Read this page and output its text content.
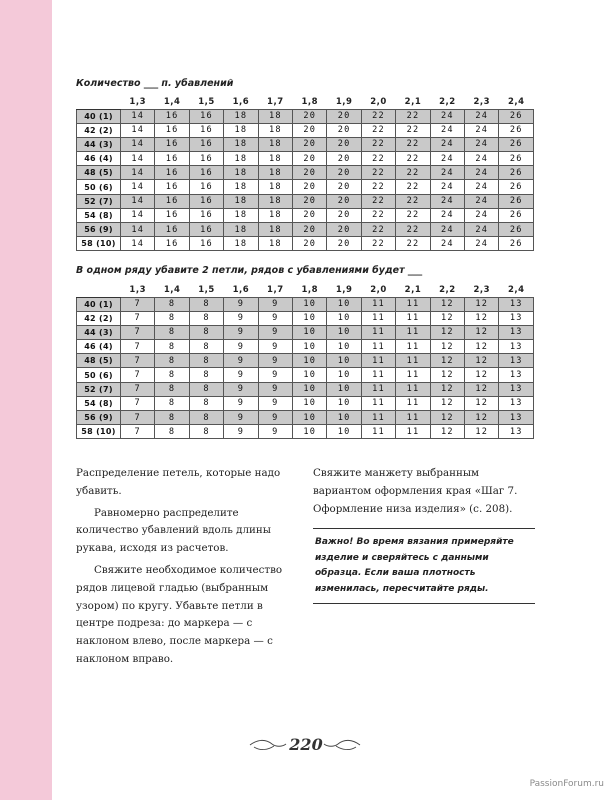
Количество ___ п. убавлений
	1,3	1,4	1,5	1,6	1,7	1,8	1,9	2,0	2,1	2,2	2,3	2,4
40 (1)	14	16	16	18	18	20	20	22	22	24	24	26
42 (2)	14	16	16	18	18	20	20	22	22	24	24	26
44 (3)	14	16	16	18	18	20	20	22	22	24	24	26
46 (4)	14	16	16	18	18	20	20	22	22	24	24	26
48 (5)	14	16	16	18	18	20	20	22	22	24	24	26
50 (6)	14	16	16	18	18	20	20	22	22	24	24	26
52 (7)	14	16	16	18	18	20	20	22	22	24	24	26
54 (8)	14	16	16	18	18	20	20	22	22	24	24	26
56 (9)	14	16	16	18	18	20	20	22	22	24	24	26
58 (10)	14	16	16	18	18	20	20	22	22	24	24	26
В одном ряду убавите 2 петли, рядов с убавлениями будет ___
	1,3	1,4	1,5	1,6	1,7	1,8	1,9	2,0	2,1	2,2	2,3	2,4
40 (1)	7	8	8	9	9	10	10	11	11	12	12	13
42 (2)	7	8	8	9	9	10	10	11	11	12	12	13
44 (3)	7	8	8	9	9	10	10	11	11	12	12	13
46 (4)	7	8	8	9	9	10	10	11	11	12	12	13
48 (5)	7	8	8	9	9	10	10	11	11	12	12	13
50 (6)	7	8	8	9	9	10	10	11	11	12	12	13
52 (7)	7	8	8	9	9	10	10	11	11	12	12	13
54 (8)	7	8	8	9	9	10	10	11	11	12	12	13
56 (9)	7	8	8	9	9	10	10	11	11	12	12	13
58 (10)	7	8	8	9	9	10	10	11	11	12	12	13

Распределение петель, которые надо убавить.

Равномерно распределите количество убавлений вдоль длины рукава, исходя из расчетов.

Свяжите необходимое количество рядов лицевой гладью (выбранным узором) по кругу. Убавьте петли в центре подреза: до маркера — с наклоном влево, после маркера — с наклоном вправо.

Свяжите манжету выбранным вариантом оформления края «Шаг 7. Оформление низа изделия» (с. 208).

Важно! Во время вязания примеряйте изделие и сверяйтесь с данными образца. Если ваша плотность изменилась, пересчитайте ряды.
220
PassionForum.ru
